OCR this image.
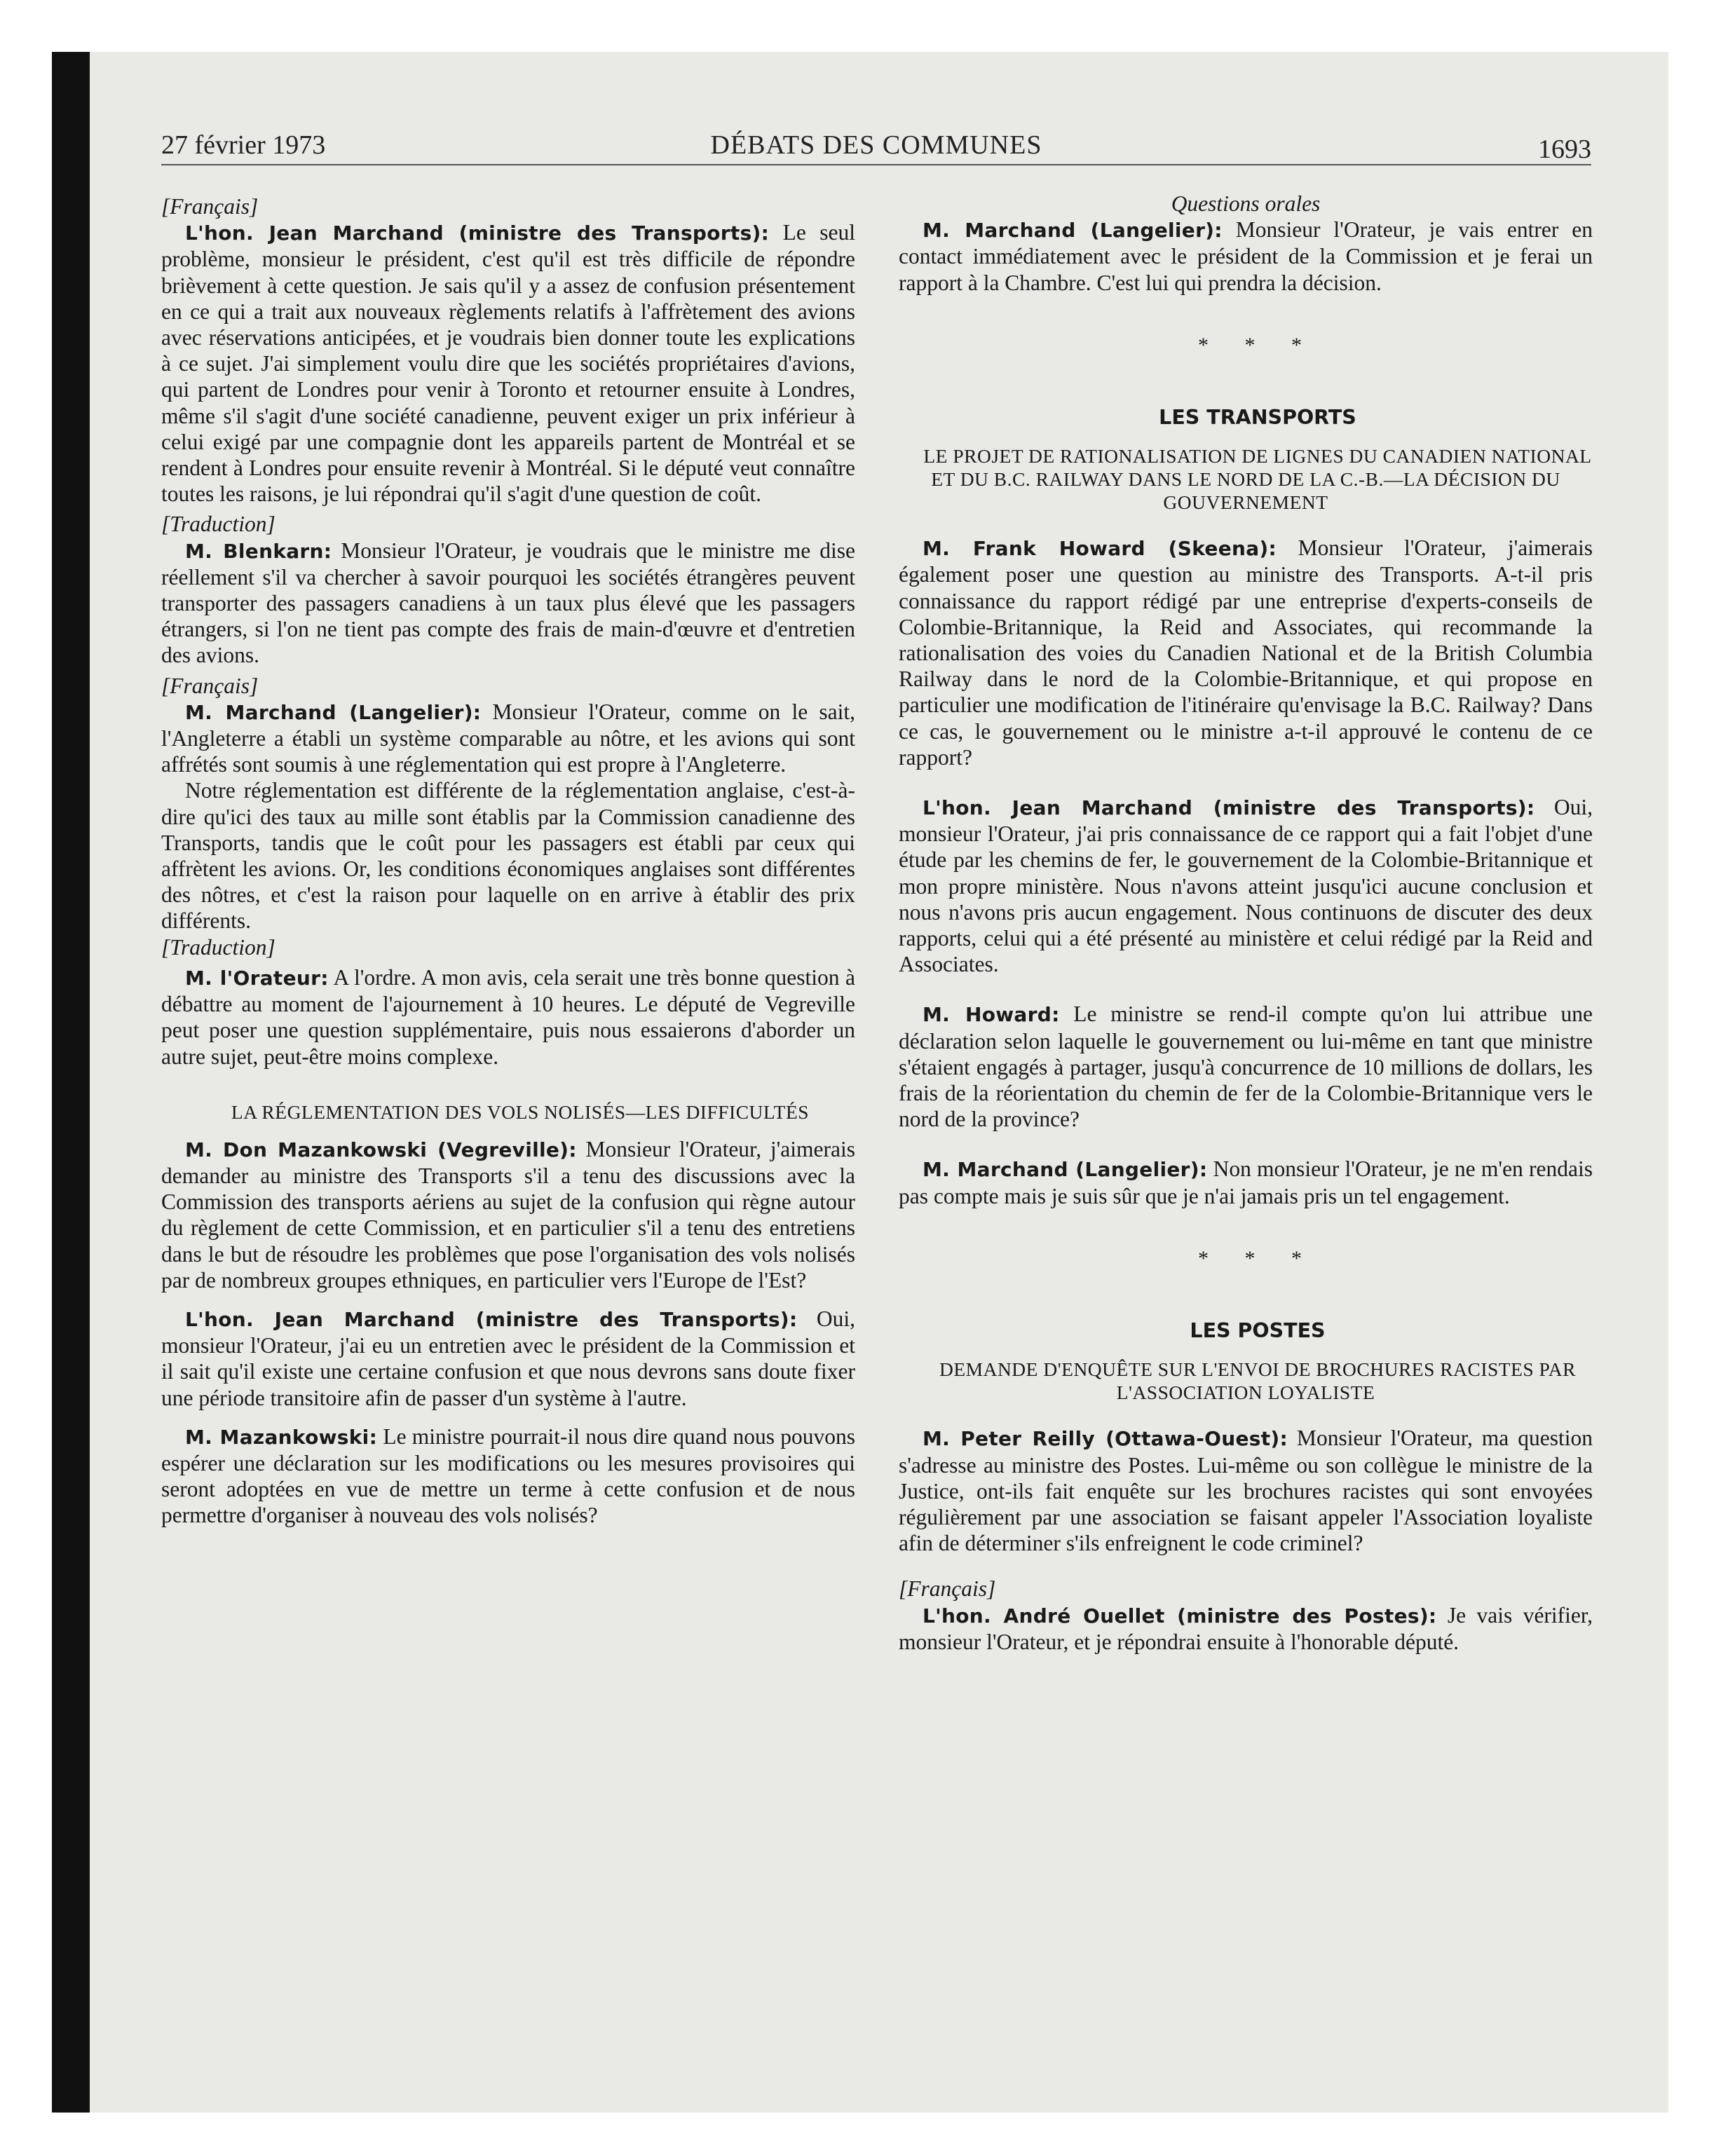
27 février 1973	DÉBATS DES COMMUNES	1693

[Français]

L'hon. Jean Marchand (ministre des Transports): Le seul problème, monsieur le président, c'est qu'il est très difficile de répondre brièvement à cette question. Je sais qu'il y a assez de confusion présentement en ce qui a trait aux nouveaux règlements relatifs à l'affrètement des avions avec réservations anticipées, et je voudrais bien donner toute les explications à ce sujet. J'ai simplement voulu dire que les sociétés propriétaires d'avions, qui partent de Londres pour venir à Toronto et retourner ensuite à Londres, même s'il s'agit d'une société canadienne, peuvent exiger un prix inférieur à celui exigé par une compagnie dont les appareils partent de Montréal et se rendent à Londres pour ensuite revenir à Montréal. Si le député veut connaître toutes les raisons, je lui répondrai qu'il s'agit d'une question de coût.

[Traduction]

M. Blenkarn: Monsieur l'Orateur, je voudrais que le ministre me dise réellement s'il va chercher à savoir pourquoi les sociétés étrangères peuvent transporter des passagers canadiens à un taux plus élevé que les passagers étrangers, si l'on ne tient pas compte des frais de main-d'œuvre et d'entretien des avions.

[Français]

M. Marchand (Langelier): Monsieur l'Orateur, comme on le sait, l'Angleterre a établi un système comparable au nôtre, et les avions qui sont affrétés sont soumis à une réglementation qui est propre à l'Angleterre.

Notre réglementation est différente de la réglementation anglaise, c'est-à-dire qu'ici des taux au mille sont établis par la Commission canadienne des Transports, tandis que le coût pour les passagers est établi par ceux qui affrètent les avions. Or, les conditions économiques anglaises sont différentes des nôtres, et c'est la raison pour laquelle on en arrive à établir des prix différents.

[Traduction]

M. l'Orateur: A l'ordre. A mon avis, cela serait une très bonne question à débattre au moment de l'ajournement à 10 heures. Le député de Vegreville peut poser une question supplémentaire, puis nous essaierons d'aborder un autre sujet, peut-être moins complexe.

LA RÉGLEMENTATION DES VOLS NOLISÉS—LES DIFFICULTÉS

M. Don Mazankowski (Vegreville): Monsieur l'Orateur, j'aimerais demander au ministre des Transports s'il a tenu des discussions avec la Commission des transports aériens au sujet de la confusion qui règne autour du règlement de cette Commission, et en particulier s'il a tenu des entretiens dans le but de résoudre les problèmes que pose l'organisation des vols nolisés par de nombreux groupes ethniques, en particulier vers l'Europe de l'Est?

L'hon. Jean Marchand (ministre des Transports): Oui, monsieur l'Orateur, j'ai eu un entretien avec le président de la Commission et il sait qu'il existe une certaine confusion et que nous devrons sans doute fixer une période transitoire afin de passer d'un système à l'autre.

M. Mazankowski: Le ministre pourrait-il nous dire quand nous pouvons espérer une déclaration sur les modifications ou les mesures provisoires qui seront adoptées en vue de mettre un terme à cette confusion et de nous permettre d'organiser à nouveau des vols nolisés?

Questions orales

M. Marchand (Langelier): Monsieur l'Orateur, je vais entrer en contact immédiatement avec le président de la Commission et je ferai un rapport à la Chambre. C'est lui qui prendra la décision.

* * *

LES TRANSPORTS

LE PROJET DE RATIONALISATION DE LIGNES DU CANADIEN NATIONAL ET DU B.C. RAILWAY DANS LE NORD DE LA C.-B.—LA DÉCISION DU GOUVERNEMENT

M. Frank Howard (Skeena): Monsieur l'Orateur, j'aimerais également poser une question au ministre des Transports. A-t-il pris connaissance du rapport rédigé par une entreprise d'experts-conseils de Colombie-Britannique, la Reid and Associates, qui recommande la rationalisation des voies du Canadien National et de la British Columbia Railway dans le nord de la Colombie-Britannique, et qui propose en particulier une modification de l'itinéraire qu'envisage la B.C. Railway? Dans ce cas, le gouvernement ou le ministre a-t-il approuvé le contenu de ce rapport?

L'hon. Jean Marchand (ministre des Transports): Oui, monsieur l'Orateur, j'ai pris connaissance de ce rapport qui a fait l'objet d'une étude par les chemins de fer, le gouvernement de la Colombie-Britannique et mon propre ministère. Nous n'avons atteint jusqu'ici aucune conclusion et nous n'avons pris aucun engagement. Nous continuons de discuter des deux rapports, celui qui a été présenté au ministère et celui rédigé par la Reid and Associates.

M. Howard: Le ministre se rend-il compte qu'on lui attribue une déclaration selon laquelle le gouvernement ou lui-même en tant que ministre s'étaient engagés à partager, jusqu'à concurrence de 10 millions de dollars, les frais de la réorientation du chemin de fer de la Colombie-Britannique vers le nord de la province?

M. Marchand (Langelier): Non monsieur l'Orateur, je ne m'en rendais pas compte mais je suis sûr que je n'ai jamais pris un tel engagement.

* * *

LES POSTES

DEMANDE D'ENQUÊTE SUR L'ENVOI DE BROCHURES RACISTES PAR L'ASSOCIATION LOYALISTE

M. Peter Reilly (Ottawa-Ouest): Monsieur l'Orateur, ma question s'adresse au ministre des Postes. Lui-même ou son collègue le ministre de la Justice, ont-ils fait enquête sur les brochures racistes qui sont envoyées régulièrement par une association se faisant appeler l'Association loyaliste afin de déterminer s'ils enfreignent le code criminel?

[Français]

L'hon. André Ouellet (ministre des Postes): Je vais vérifier, monsieur l'Orateur, et je répondrai ensuite à l'honorable député.
